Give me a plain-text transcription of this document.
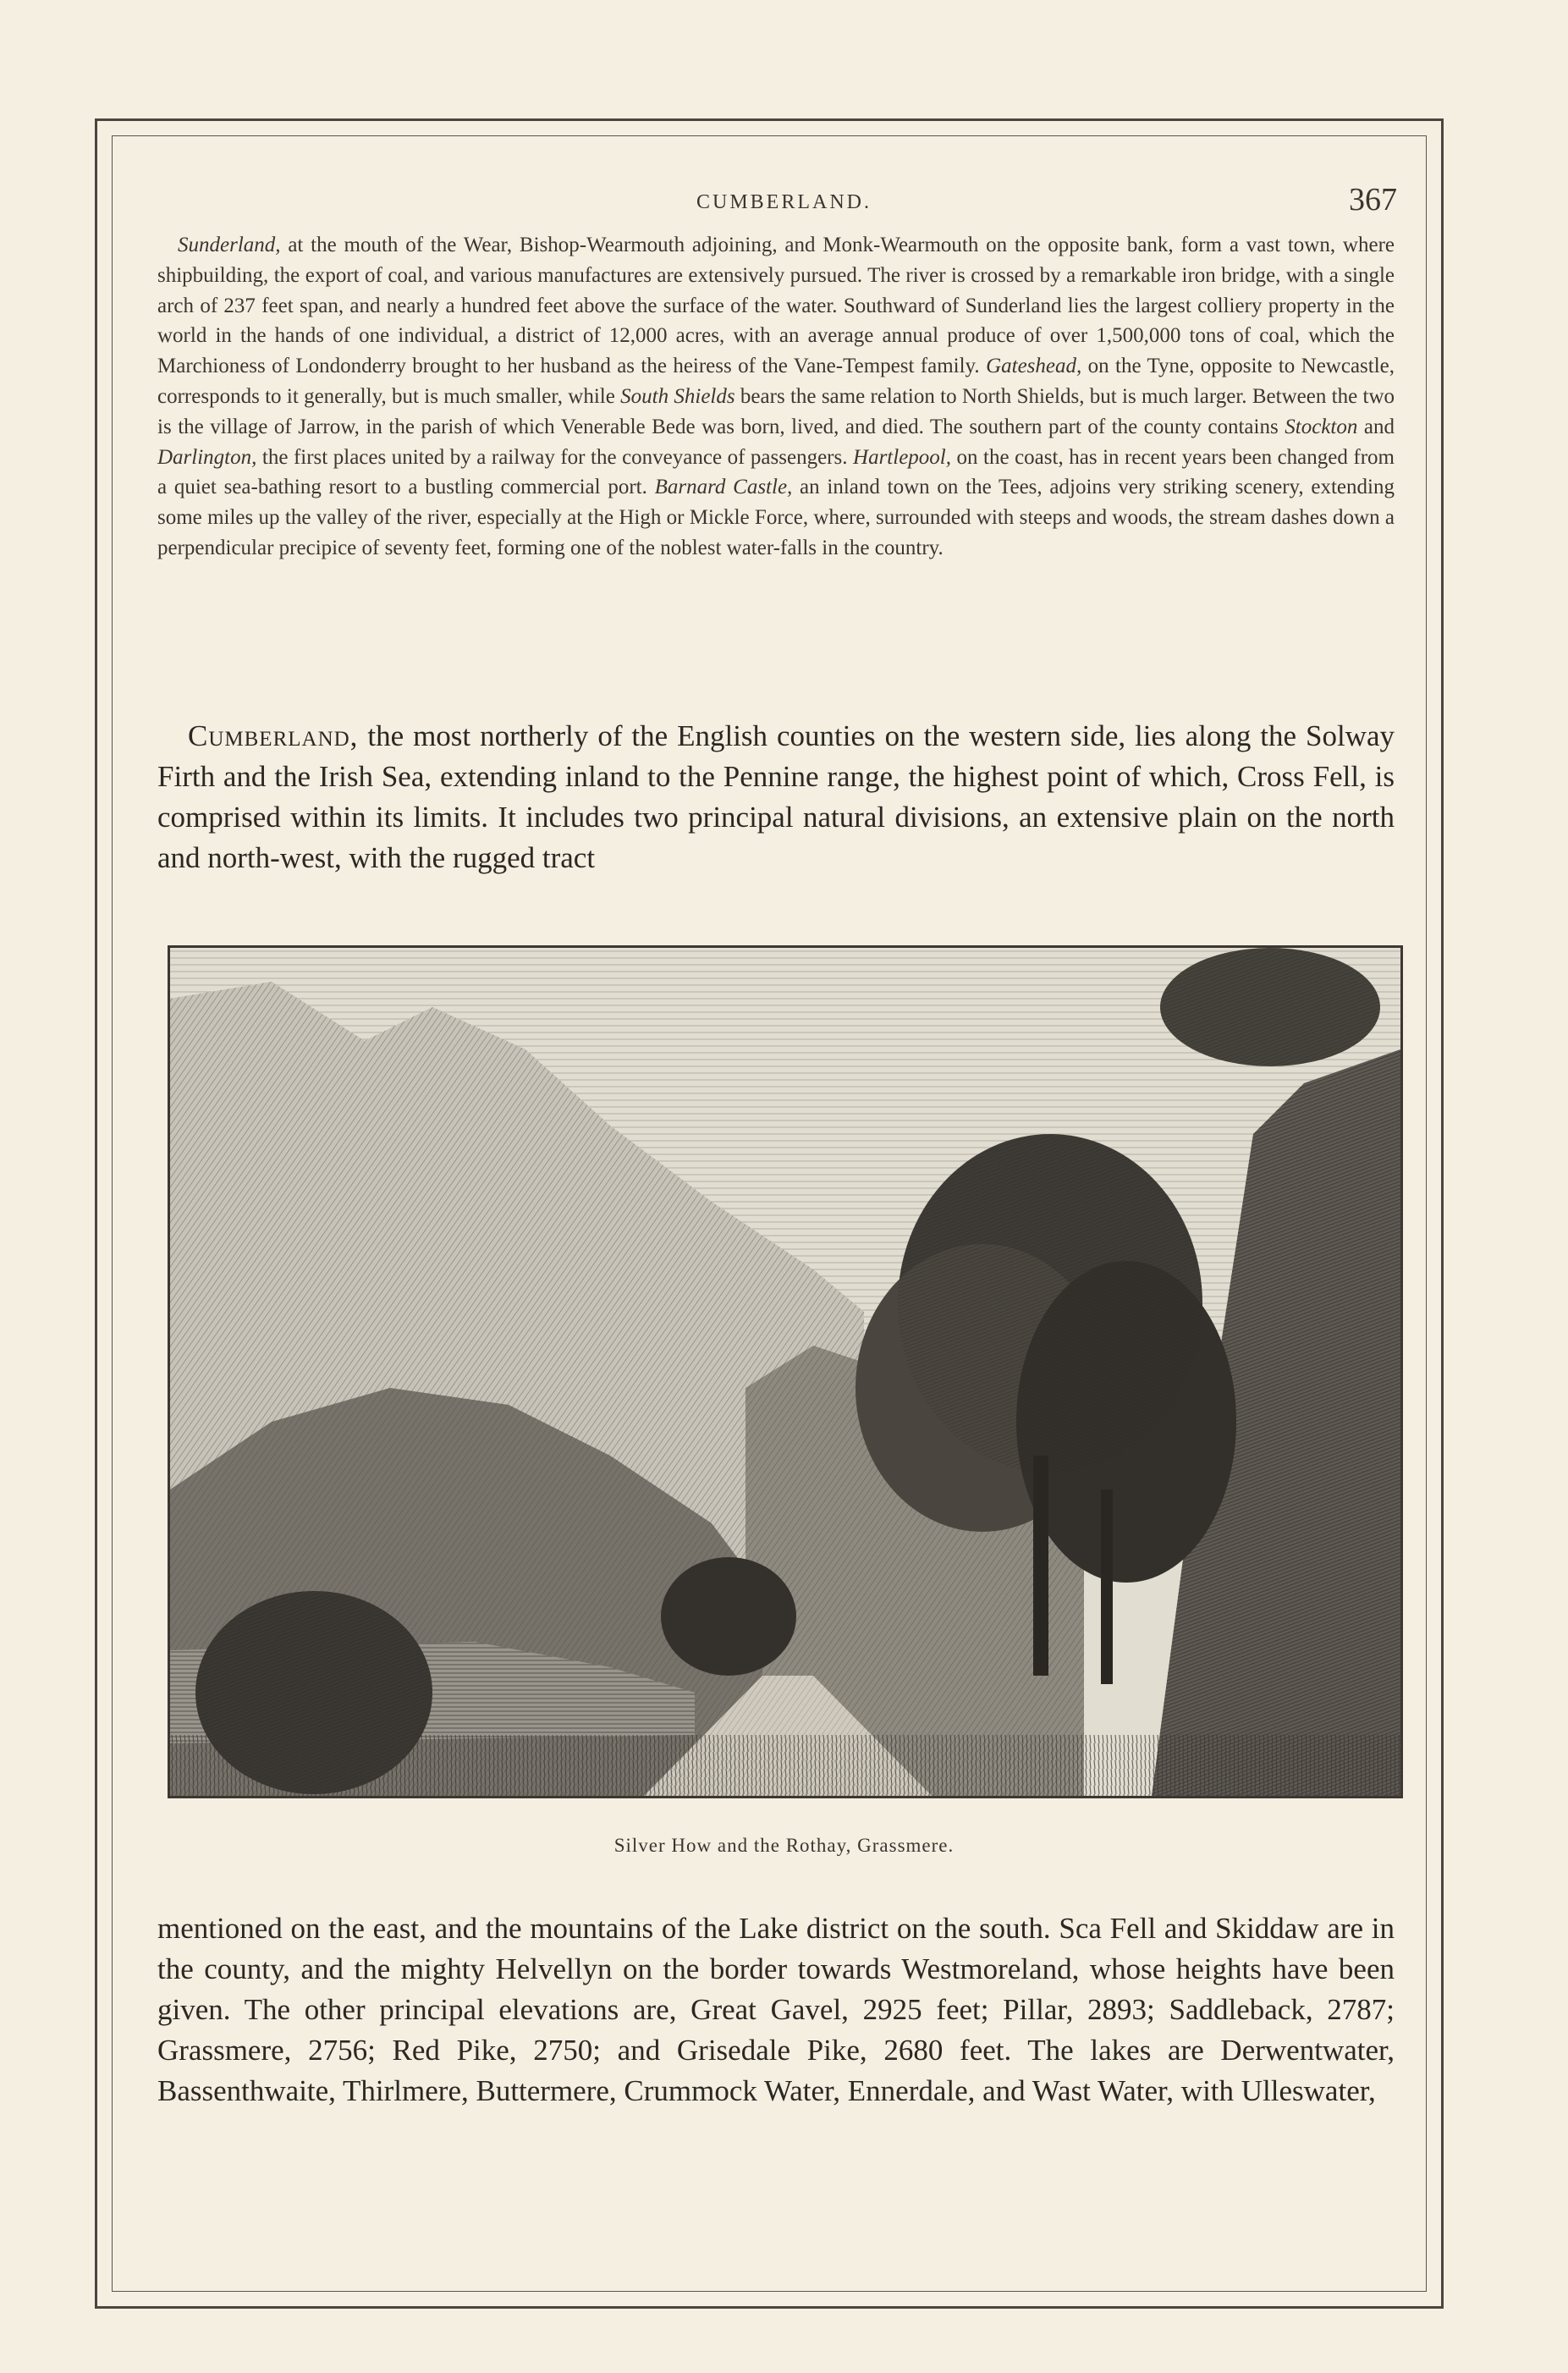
CUMBERLAND.	367

Sunderland, at the mouth of the Wear, Bishop-Wearmouth adjoining, and Monk-Wearmouth on the opposite bank, form a vast town, where shipbuilding, the export of coal, and various manufactures are extensively pursued. The river is crossed by a remarkable iron bridge, with a single arch of 237 feet span, and nearly a hundred feet above the surface of the water. Southward of Sunderland lies the largest colliery property in the world in the hands of one individual, a district of 12,000 acres, with an average annual produce of over 1,500,000 tons of coal, which the Marchioness of Londonderry brought to her husband as the heiress of the Vane-Tempest family. Gateshead, on the Tyne, opposite to Newcastle, corresponds to it generally, but is much smaller, while South Shields bears the same relation to North Shields, but is much larger. Between the two is the village of Jarrow, in the parish of which Venerable Bede was born, lived, and died. The southern part of the county contains Stockton and Darlington, the first places united by a railway for the conveyance of passengers. Hartlepool, on the coast, has in recent years been changed from a quiet sea-bathing resort to a bustling commercial port. Barnard Castle, an inland town on the Tees, adjoins very striking scenery, extending some miles up the valley of the river, especially at the High or Mickle Force, where, surrounded with steeps and woods, the stream dashes down a perpendicular precipice of seventy feet, forming one of the noblest water-falls in the country.

Cumberland, the most northerly of the English counties on the western side, lies along the Solway Firth and the Irish Sea, extending inland to the Pennine range, the highest point of which, Cross Fell, is comprised within its limits. It includes two principal natural divisions, an extensive plain on the north and north-west, with the rugged tract

Silver How and the Rothay, Grassmere.

mentioned on the east, and the mountains of the Lake district on the south. Sca Fell and Skiddaw are in the county, and the mighty Helvellyn on the border towards Westmoreland, whose heights have been given. The other principal elevations are, Great Gavel, 2925 feet; Pillar, 2893; Saddleback, 2787; Grassmere, 2756; Red Pike, 2750; and Grisedale Pike, 2680 feet. The lakes are Derwentwater, Bassenthwaite, Thirlmere, Buttermere, Crummock Water, Ennerdale, and Wast Water, with Ulleswater,
